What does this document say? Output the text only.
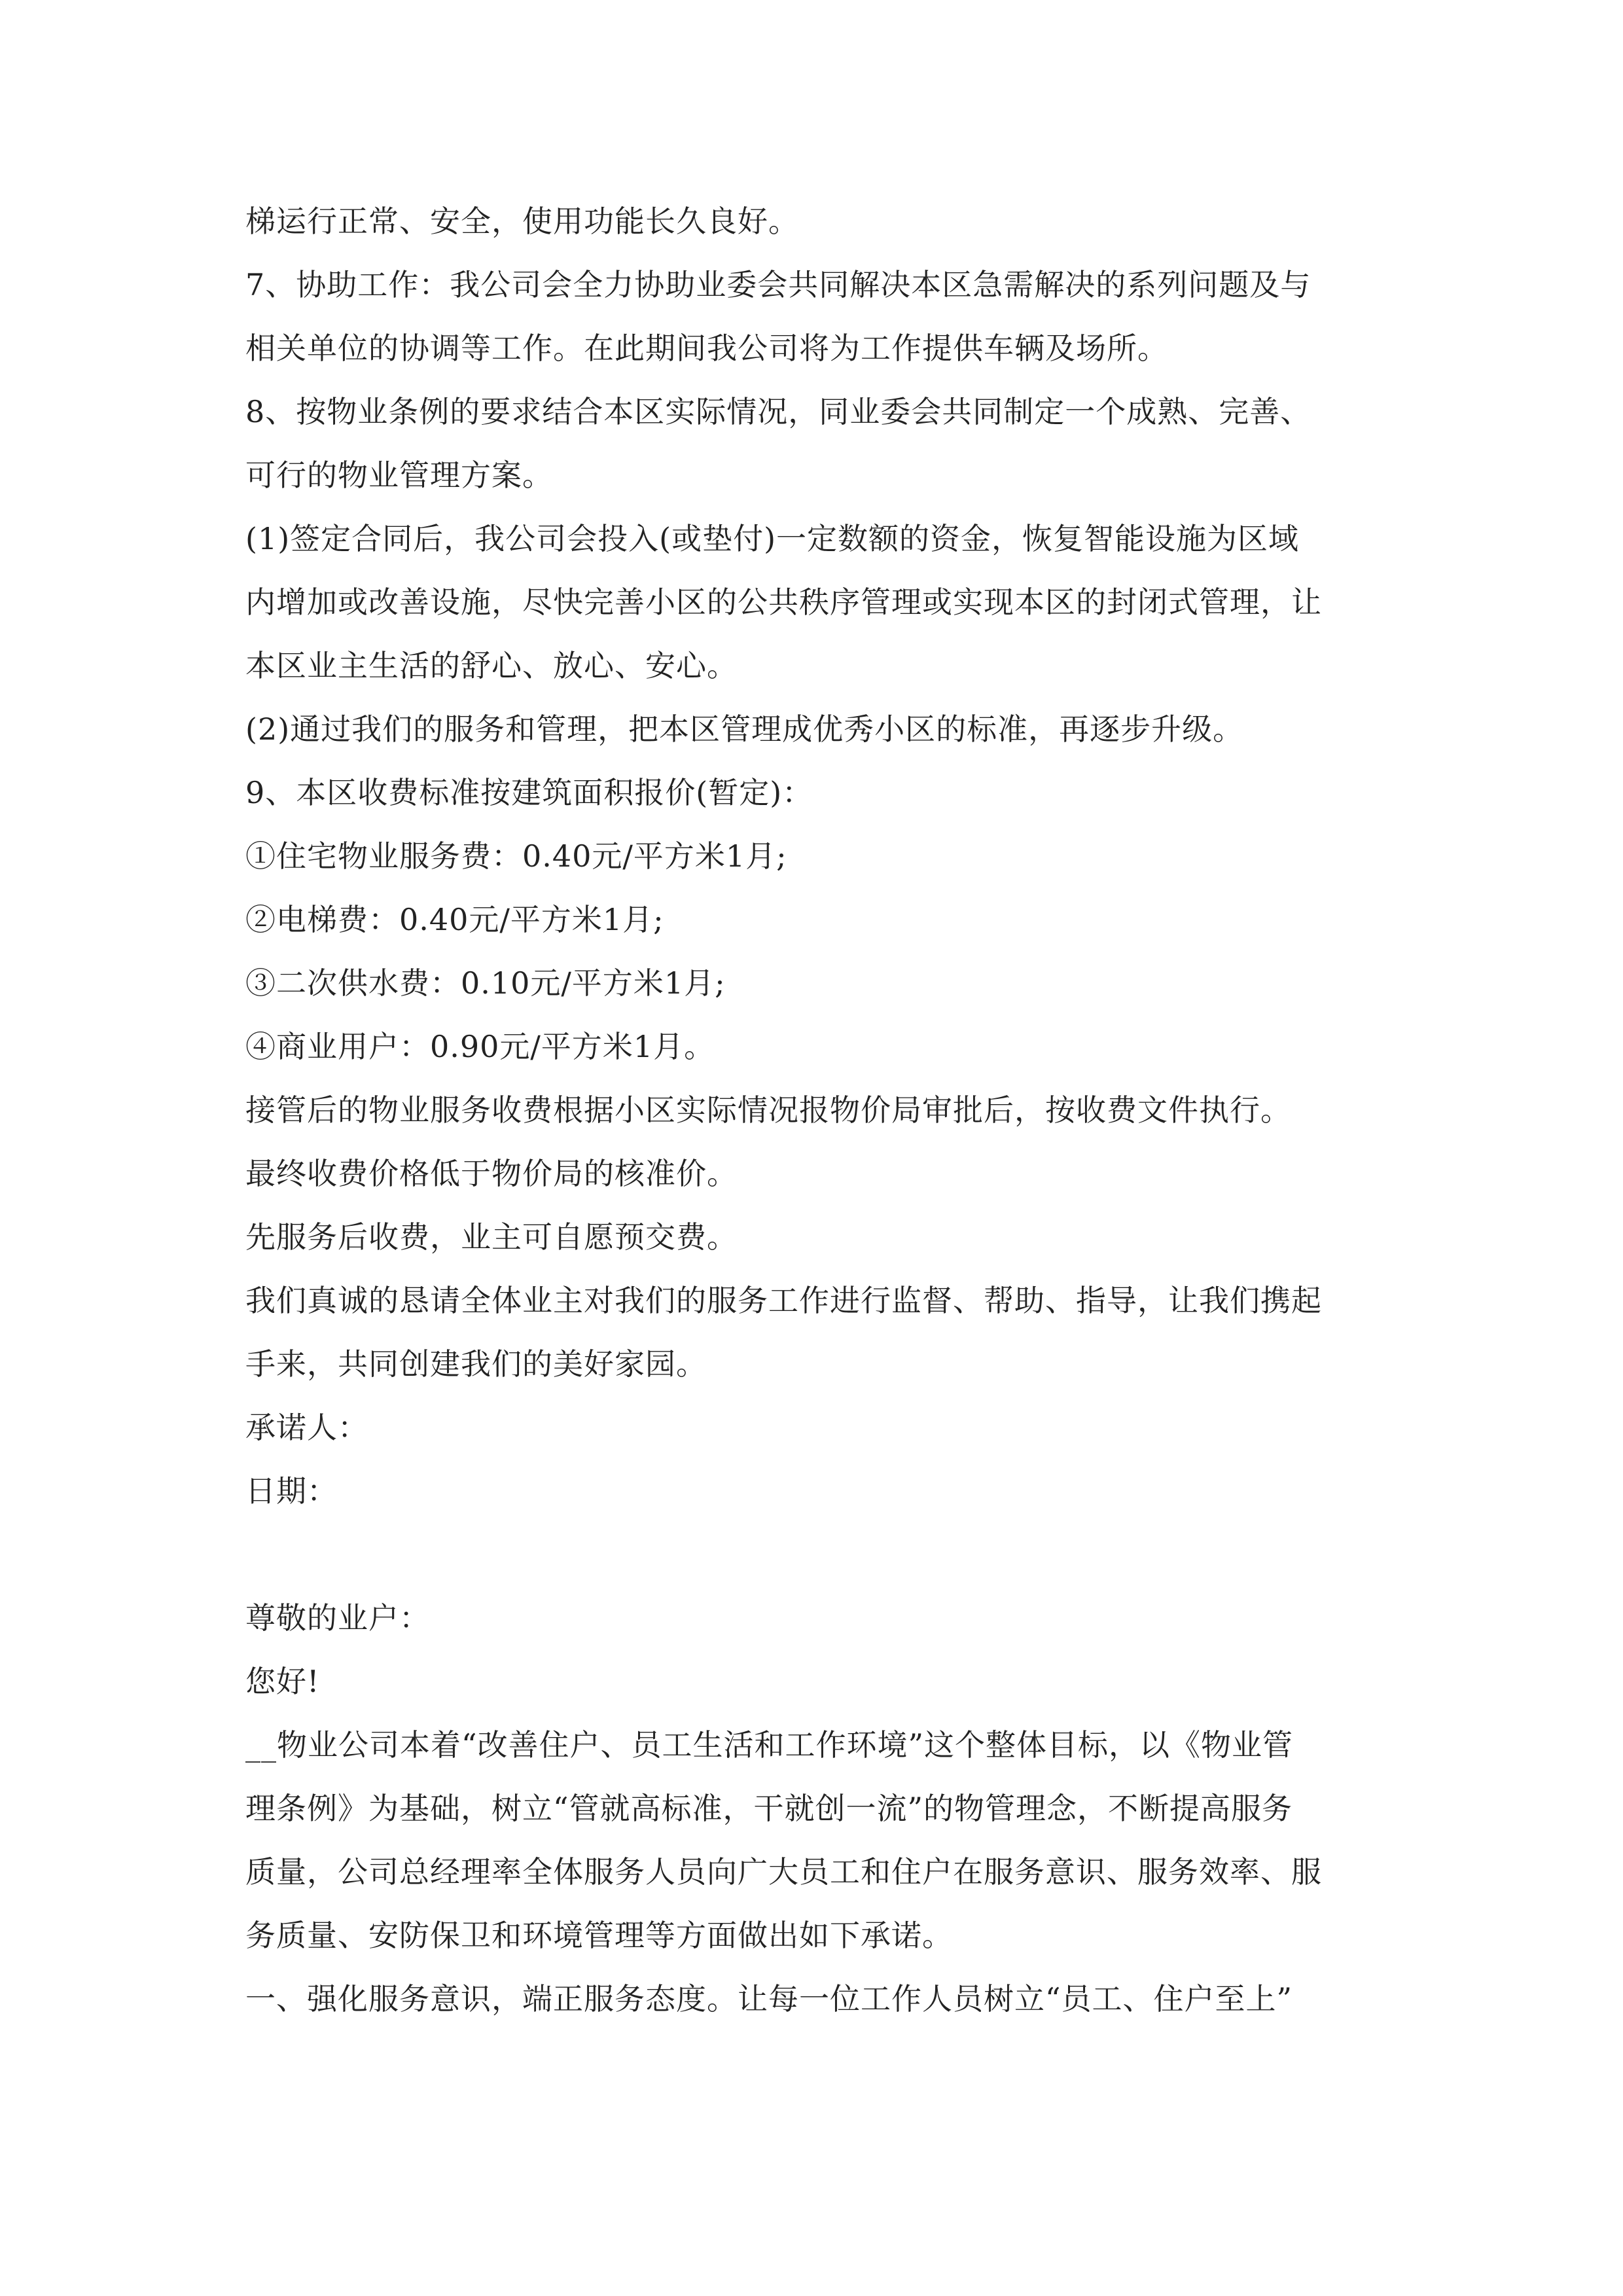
梯运行正常、安全，使用功能长久良好。
7、协助工作：我公司会全力协助业委会共同解决本区急需解决的系列问题及与
相关单位的协调等工作。在此期间我公司将为工作提供车辆及场所。
8、按物业条例的要求结合本区实际情况，同业委会共同制定一个成熟、完善、
可行的物业管理方案。
(1)签定合同后，我公司会投入(或垫付)一定数额的资金，恢复智能设施为区域
内增加或改善设施，尽快完善小区的公共秩序管理或实现本区的封闭式管理，让
本区业主生活的舒心、放心、安心。
(2)通过我们的服务和管理，把本区管理成优秀小区的标准，再逐步升级。
9、本区收费标准按建筑面积报价(暂定)：
①住宅物业服务费：0.40元/平方米1月;
②电梯费：0.40元/平方米1月;
③二次供水费：0.10元/平方米1月;
④商业用户：0.90元/平方米1月。
接管后的物业服务收费根据小区实际情况报物价局审批后，按收费文件执行。
最终收费价格低于物价局的核准价。
先服务后收费，业主可自愿预交费。
我们真诚的恳请全体业主对我们的服务工作进行监督、帮助、指导，让我们携起
手来，共同创建我们的美好家园。
承诺人：
日期：
尊敬的业户：
您好!
__物业公司本着“改善住户、员工生活和工作环境”这个整体目标，以《物业管
理条例》为基础，树立“管就高标准，干就创一流”的物管理念，不断提高服务
质量，公司总经理率全体服务人员向广大员工和住户在服务意识、服务效率、服
务质量、安防保卫和环境管理等方面做出如下承诺。
一、强化服务意识，端正服务态度。让每一位工作人员树立“员工、住户至上”
